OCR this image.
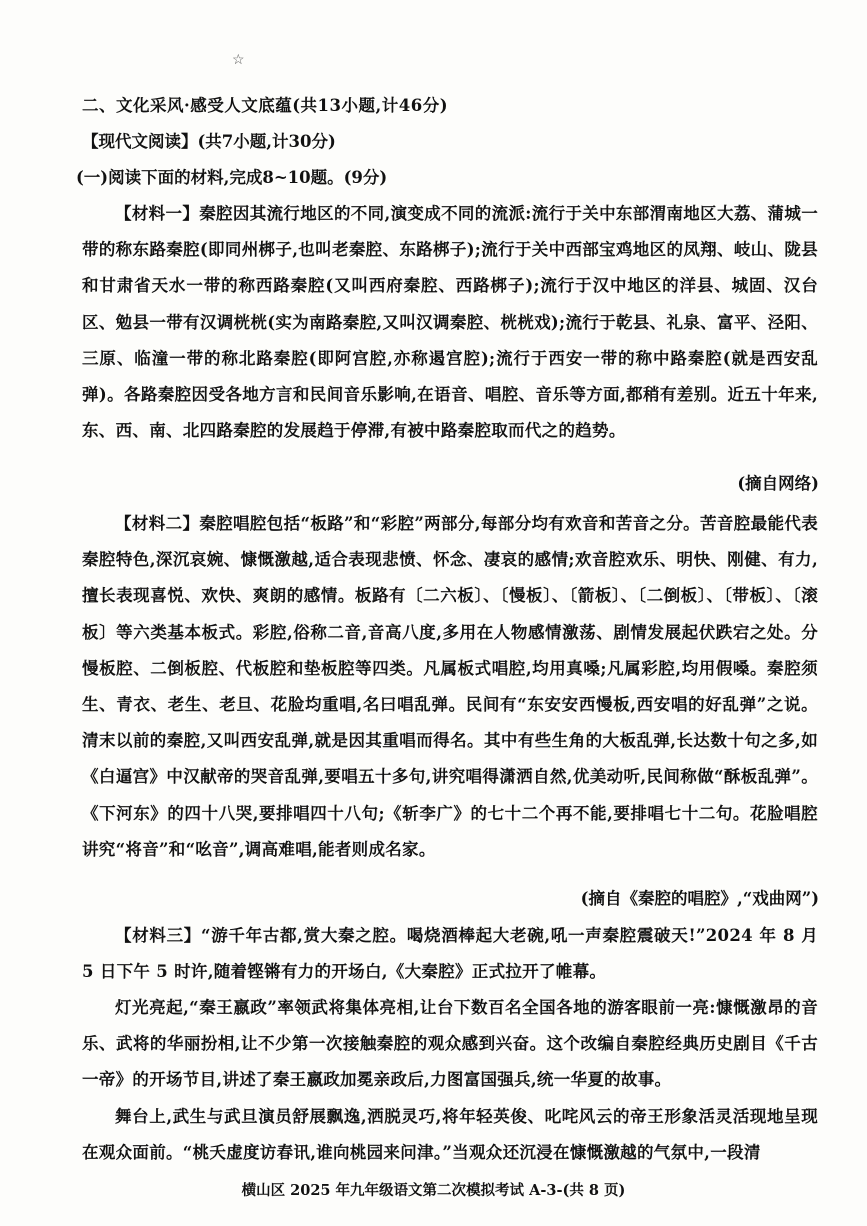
☆
二、文化采风·感受人文底蕴(共13小题,计46分)
【现代文阅读】(共7小题,计30分)
(一)阅读下面的材料,完成8~10题。(9分)
【材料一】秦腔因其流行地区的不同,演变成不同的流派:流行于关中东部渭南地区大荔、蒲城一带的称东路秦腔(即同州梆子,也叫老秦腔、东路梆子);流行于关中西部宝鸡地区的凤翔、岐山、陇县和甘肃省天水一带的称西路秦腔(又叫西府秦腔、西路梆子);流行于汉中地区的洋县、城固、汉台区、勉县一带有汉调桄桄(实为南路秦腔,又叫汉调秦腔、桄桄戏);流行于乾县、礼泉、富平、泾阳、三原、临潼一带的称北路秦腔(即阿宫腔,亦称遏宫腔);流行于西安一带的称中路秦腔(就是西安乱弹)。各路秦腔因受各地方言和民间音乐影响,在语音、唱腔、音乐等方面,都稍有差别。近五十年来,东、西、南、北四路秦腔的发展趋于停滞,有被中路秦腔取而代之的趋势。
(摘自网络)
【材料二】秦腔唱腔包括“板路”和“彩腔”两部分,每部分均有欢音和苦音之分。苦音腔最能代表秦腔特色,深沉哀婉、慷慨激越,适合表现悲愤、怀念、凄哀的感情;欢音腔欢乐、明快、刚健、有力,擅长表现喜悦、欢快、爽朗的感情。板路有〔二六板〕、〔慢板〕、〔箭板〕、〔二倒板〕、〔带板〕、〔滚板〕等六类基本板式。彩腔,俗称二音,音高八度,多用在人物感情激荡、剧情发展起伏跌宕之处。分慢板腔、二倒板腔、代板腔和垫板腔等四类。凡属板式唱腔,均用真嗓;凡属彩腔,均用假嗓。秦腔须生、青衣、老生、老旦、花脸均重唱,名曰唱乱弹。民间有“东安安西慢板,西安唱的好乱弹”之说。清末以前的秦腔,又叫西安乱弹,就是因其重唱而得名。其中有些生角的大板乱弹,长达数十句之多,如《白逼宫》中汉献帝的哭音乱弹,要唱五十多句,讲究唱得潇洒自然,优美动听,民间称做“酥板乱弹”。《下河东》的四十八哭,要排唱四十八句;《斩李广》的七十二个再不能,要排唱七十二句。花脸唱腔讲究“将音”和“吆音”,调高难唱,能者则成名家。
(摘自《秦腔的唱腔》,“戏曲网”)
【材料三】“游千年古都,赏大秦之腔。喝烧酒棒起大老碗,吼一声秦腔震破天!”2024 年 8 月 5 日下午 5 时许,随着铿锵有力的开场白,《大秦腔》正式拉开了帷幕。
灯光亮起,“秦王嬴政”率领武将集体亮相,让台下数百名全国各地的游客眼前一亮:慷慨激昂的音乐、武将的华丽扮相,让不少第一次接触秦腔的观众感到兴奋。这个改编自秦腔经典历史剧目《千古一帝》的开场节目,讲述了秦王嬴政加冕亲政后,力图富国强兵,统一华夏的故事。
舞台上,武生与武旦演员舒展飘逸,洒脱灵巧,将年轻英俊、叱咤风云的帝王形象活灵活现地呈现在观众面前。“桃夭虚度访春讯,谁向桃园来问津。”当观众还沉浸在慷慨激越的气氛中,一段清
横山区 2025 年九年级语文第二次模拟考试 A-3-(共 8 页)
